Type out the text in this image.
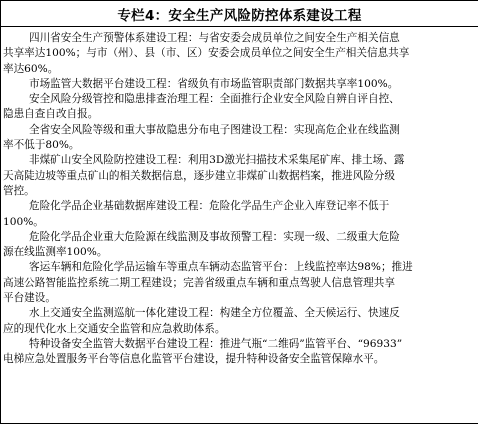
专栏4：安全生产风险防控体系建设工程
四川省安全生产预警体系建设工程：与省安委会成员单位之间安全生产相关信息
共享率达100%；与市（州）、县（市、区）安委会成员单位之间安全生产相关信息共享
率达60%。
市场监管大数据平台建设工程：省级负有市场监管职责部门数据共享率100%。
安全风险分级管控和隐患排查治理工程：全面推行企业安全风险自辨自评自控、
隐患自查自改自报。
全省安全风险等级和重大事故隐患分布电子图建设工程：实现高危企业在线监测
率不低于80%。
非煤矿山安全风险防控建设工程：利用3D激光扫描技术采集尾矿库、排土场、露
天高陡边坡等重点矿山的相关数据信息，逐步建立非煤矿山数据档案，推进风险分级
管控。
危险化学品企业基础数据库建设工程：危险化学品生产企业入库登记率不低于
100%。
危险化学品企业重大危险源在线监测及事故预警工程：实现一级、二级重大危险
源在线监测率100%。
客运车辆和危险化学品运输车等重点车辆动态监管平台：上线监控率达98%；推进
高速公路智能监控系统二期工程建设；完善省级重点车辆和重点驾驶人信息管理共享
平台建设。
水上交通安全监测巡航一体化建设工程：构建全方位覆盖、全天候运行、快速反
应的现代化水上交通安全监管和应急救助体系。
特种设备安全监管大数据平台建设工程：推进气瓶“二维码”监管平台、“96933”
电梯应急处置服务平台等信息化监管平台建设，提升特种设备安全监管保障水平。
